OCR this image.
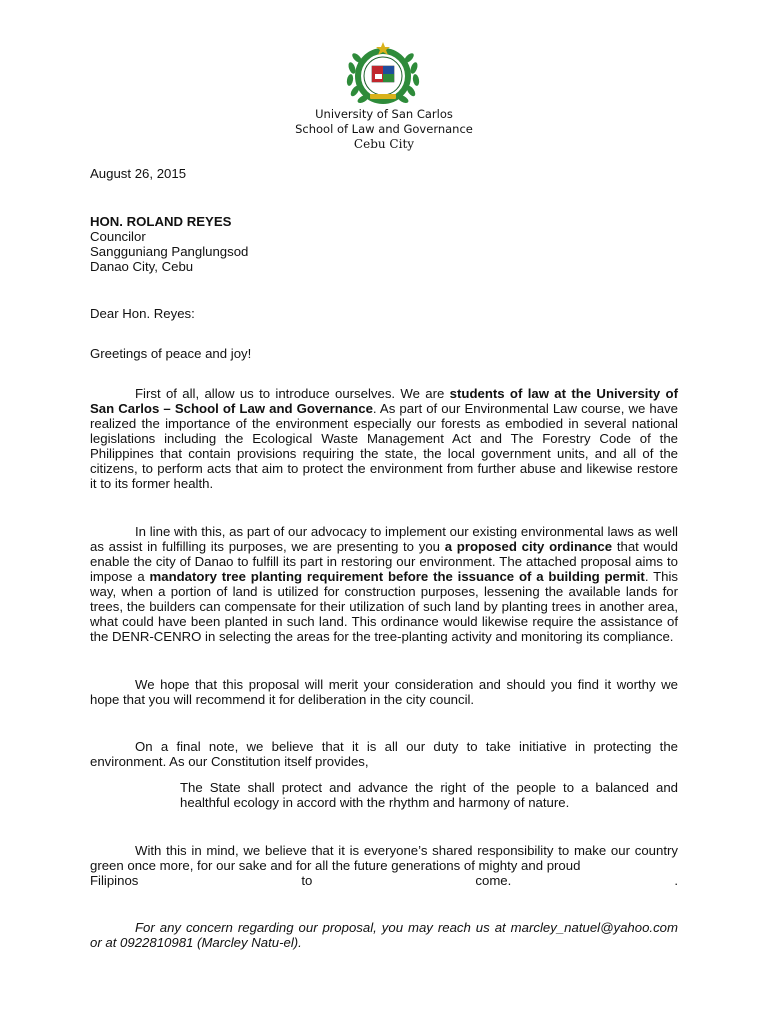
University of San Carlos
School of Law and Governance
Cebu City
August 26, 2015
HON. ROLAND REYES
Councilor
Sangguniang Panglungsod
Danao City, Cebu
Dear Hon. Reyes:
Greetings of peace and joy!

First of all, allow us to introduce ourselves. We are students of law at the University of San Carlos – School of Law and Governance. As part of our Environmental Law course, we have realized the importance of the environment especially our forests as embodied in several national legislations including the Ecological Waste Management Act and The Forestry Code of the Philippines that contain provisions requiring the state, the local government units, and all of the citizens, to perform acts that aim to protect the environment from further abuse and likewise restore it to its former health.

In line with this, as part of our advocacy to implement our existing environmental laws as well as assist in fulfilling its purposes, we are presenting to you a proposed city ordinance that would enable the city of Danao to fulfill its part in restoring our environment. The attached proposal aims to impose a mandatory tree planting requirement before the issuance of a building permit. This way, when a portion of land is utilized for construction purposes, lessening the available lands for trees, the builders can compensate for their utilization of such land by planting trees in another area, what could have been planted in such land. This ordinance would likewise require the assistance of the DENR-CENRO in selecting the areas for the tree-planting activity and monitoring its compliance.

We hope that this proposal will merit your consideration and should you find it worthy we hope that you will recommend it for deliberation in the city council.

On a final note, we believe that it is all our duty to take initiative in protecting the environment. As our Constitution itself provides,

The State shall protect and advance the right of the people to a balanced and healthful ecology in accord with the rhythm and harmony of nature.

With this in mind, we believe that it is everyone’s shared responsibility to make our country green once more, for our sake and for all the future generations of mighty and proud
Filipinos to come.	.

For any concern regarding our proposal, you may reach us at marcley_natuel@yahoo.com or at 0922810981 (Marcley Natu-el).
